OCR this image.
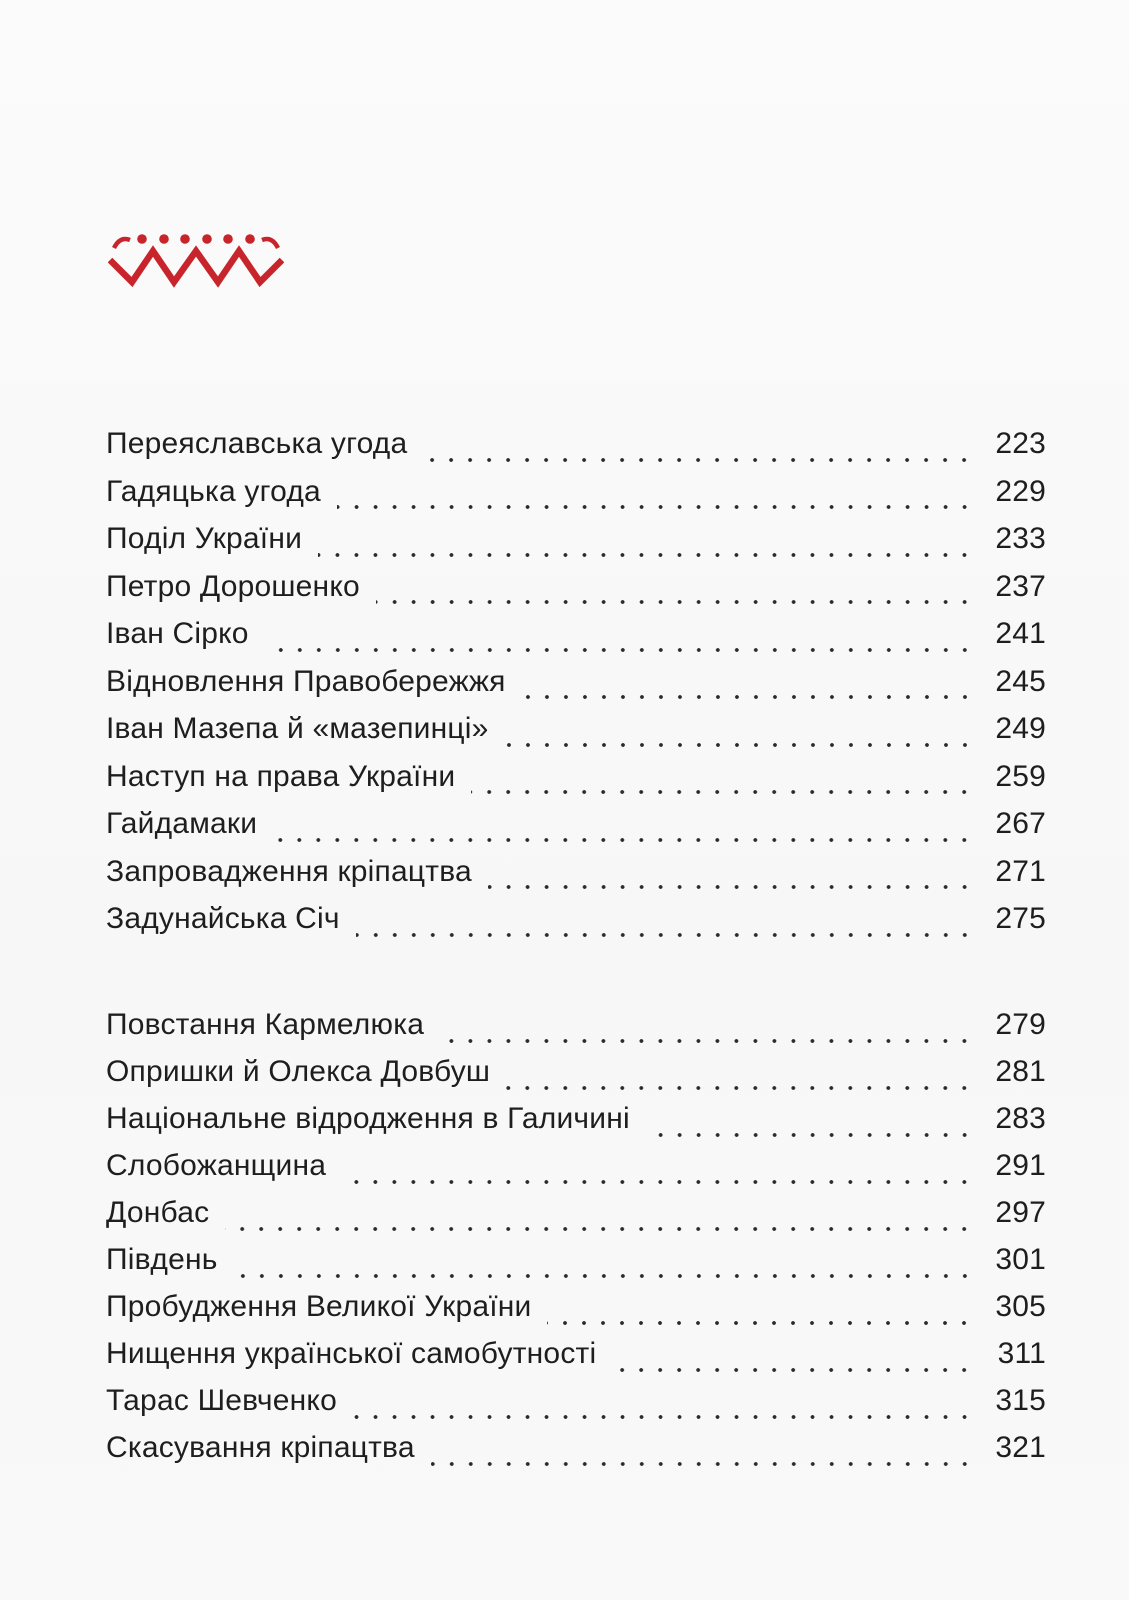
Переяславська угода	223
Гадяцька угода	229
Поділ України	233
Петро Дорошенко	237
Іван Сірко	241
Відновлення Правобережжя	245
Іван Мазепа й «мазепинці»	249
Наступ на права України	259
Гайдамаки	267
Запровадження кріпацтва	271
Задунайська Січ	275
Повстання Кармелюка	279
Опришки й Олекса Довбуш	281
Національне відродження в Галичині	283
Слобожанщина	291
Донбас	297
Південь	301
Пробудження Великої України	305
Нищення української самобутності	311
Тарас Шевченко	315
Скасування кріпацтва	321
